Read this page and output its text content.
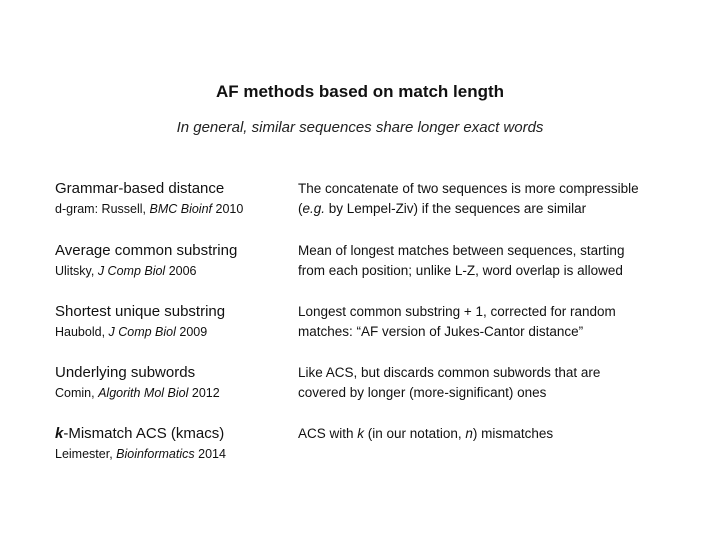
AF methods based on match length
In general, similar sequences share longer exact words
Grammar-based distance
d-gram: Russell, BMC Bioinf 2010
The concatenate of two sequences is more compressible
(e.g. by Lempel-Ziv) if the sequences are similar
Average common substring
Ulitsky, J Comp Biol 2006
Mean of longest matches between sequences, starting
from each position; unlike L-Z, word overlap is allowed
Shortest unique substring
Haubold, J Comp Biol 2009
Longest common substring + 1, corrected for random
matches: “AF version of Jukes-Cantor distance”
Underlying subwords
Comin, Algorith Mol Biol 2012
Like ACS, but discards common subwords that are
covered by longer (more-significant) ones
k-Mismatch ACS (kmacs)
Leimester, Bioinformatics 2014
ACS with k (in our notation, n) mismatches
